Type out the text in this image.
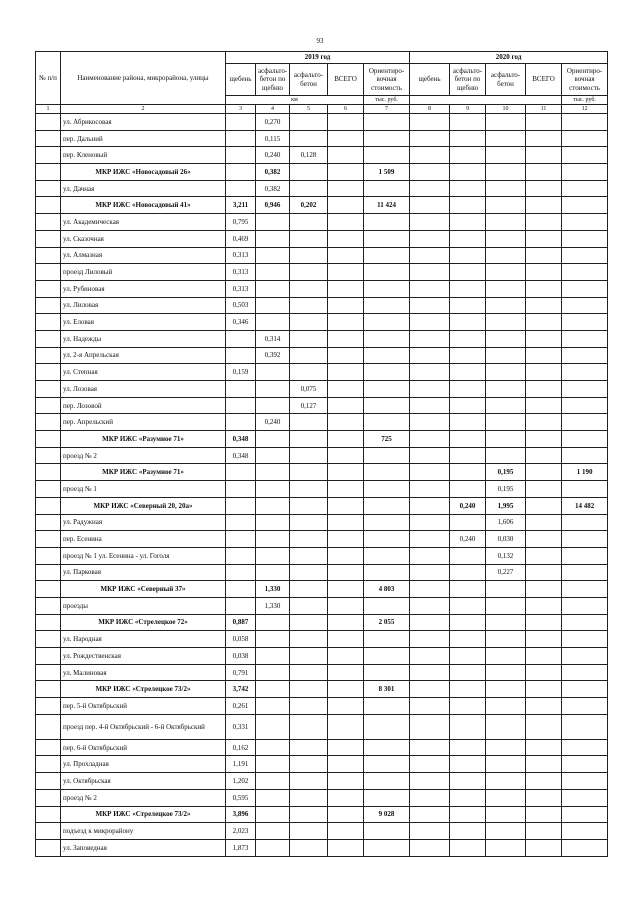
93
№ п/п	Наименование района, микрорайона, улицы	2019 год					2020 год				
		щебень	асфальто-бетон по щебню	асфальто-бетон	ВСЕГО	Ориентиро-вочная стоимость	щебень	асфальто-бетон по щебню	асфальто-бетон	ВСЕГО	Ориентиро-вочная стоимость
		км				тыс. руб.					тыс. руб.
1	2	3	4	5	6	7	8	9	10	11	12
	ул. Абрикосовая		0,270								
	пер. Дальний		0,115								
	пер. Кленовый		0,240	0,128							
	МКР ИЖС «Новосадовый 26»		0,382			1 509					
	ул. Дачная		0,382								
	МКР ИЖС «Новосадовый 41»	3,211	0,946	0,202		11 424					
	ул. Академическая	0,795									
	ул. Сказочная	0,469									
	ул. Алмазная	0,313									
	проезд Лиловый	0,313									
	ул. Рубиновая	0,313									
	ул. Лиловая	0,503									
	ул. Еловая	0,346									
	ул. Надежды		0,314								
	ул. 2-я Апрельская		0,392								
	ул. Степная	0,159									
	ул. Лозовая			0,075							
	пер. Лозовой			0,127							
	пер. Апрельский		0,240								
	МКР ИЖС «Разумное 71»	0,348				725					
	проезд № 2	0,348									
	МКР ИЖС «Разумное 71»								0,195		1 190
	проезд № 1								0,195		
	МКР ИЖС «Северный 20, 20а»							0,240	1,995		14 482
	ул. Радужная								1,606		
	пер. Есенина							0,240	0,030		
	проезд № 1 ул. Есенина - ул. Гоголя								0,132		
	ул. Парковая								0,227		
	МКР ИЖС «Северный 37»		1,330			4 803					
	проезды		1,330								
	МКР ИЖС «Стрелецкое 72»	0,887				2 055					
	ул. Народная	0,058									
	ул. Рождественская	0,038									
	ул. Малиновая	0,791									
	МКР ИЖС «Стрелецкое 73/2»	3,742				8 301					
	пер. 5-й Октябрьский	0,261									
	проезд пер. 4-й Октябрьский - 6-й Октябрьский	0,331									
	пер. 6-й Октябрьский	0,162									
	ул. Прохладная	1,191									
	ул. Октябрьская	1,202									
	проезд № 2	0,595									
	МКР ИЖС «Стрелецкое 73/2»	3,896				9 028					
	подъезд к микрорайону	2,023									
	ул. Заповедная	1,873									
